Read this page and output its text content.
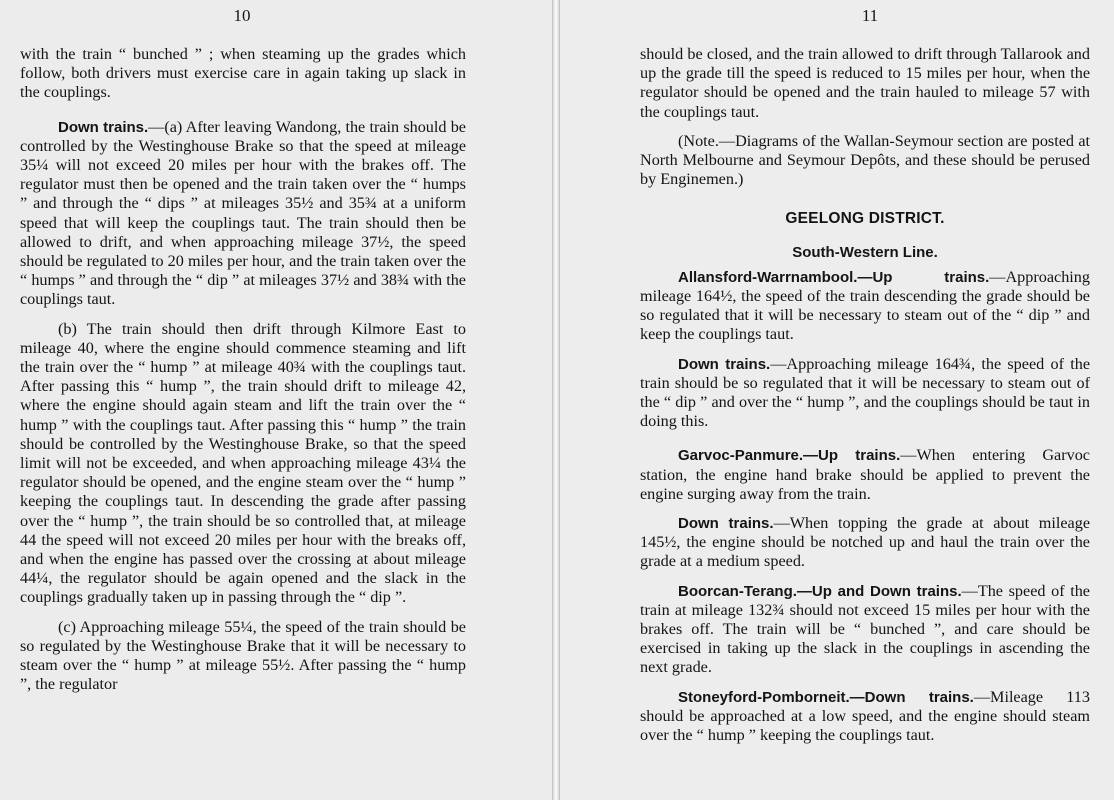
10

with the train “ bunched ” ; when steaming up the grades which follow, both drivers must exercise care in again taking up slack in the couplings.

Down trains.—(a) After leaving Wandong, the train should be controlled by the Westinghouse Brake so that the speed at mileage 35¼ will not exceed 20 miles per hour with the brakes off. The regulator must then be opened and the train taken over the “ humps ” and through the “ dips ” at mileages 35½ and 35¾ at a uniform speed that will keep the couplings taut. The train should then be allowed to drift, and when approaching mileage 37½, the speed should be regulated to 20 miles per hour, and the train taken over the “ humps ” and through the “ dip ” at mileages 37½ and 38¾ with the couplings taut.

(b) The train should then drift through Kilmore East to mileage 40, where the engine should commence steaming and lift the train over the “ hump ” at mileage 40¾ with the couplings taut. After passing this “ hump ”, the train should drift to mileage 42, where the engine should again steam and lift the train over the “ hump ” with the couplings taut. After passing this “ hump ” the train should be controlled by the Westinghouse Brake, so that the speed limit will not be exceeded, and when approaching mileage 43¼ the regulator should be opened, and the engine steam over the “ hump ” keeping the couplings taut. In descending the grade after passing over the “ hump ”, the train should be so controlled that, at mileage 44 the speed will not exceed 20 miles per hour with the breaks off, and when the engine has passed over the crossing at about mileage 44¼, the regulator should be again opened and the slack in the couplings gradually taken up in passing through the “ dip ”.

(c) Approaching mileage 55¼, the speed of the train should be so regulated by the Westinghouse Brake that it will be necessary to steam over the “ hump ” at mileage 55½. After passing the “ hump ”, the regulator

11

should be closed, and the train allowed to drift through Tallarook and up the grade till the speed is reduced to 15 miles per hour, when the regulator should be opened and the train hauled to mileage 57 with the couplings taut.

(Note.—Diagrams of the Wallan-Seymour section are posted at North Melbourne and Seymour Depôts, and these should be perused by Enginemen.)

GEELONG DISTRICT.

South-Western Line.

Allansford-Warrnambool.—Up trains.—Approaching mileage 164½, the speed of the train descending the grade should be so regulated that it will be necessary to steam out of the “ dip ” and keep the couplings taut.

Down trains.—Approaching mileage 164¾, the speed of the train should be so regulated that it will be necessary to steam out of the “ dip ” and over the “ hump ”, and the couplings should be taut in doing this.

Garvoc-Panmure.—Up trains.—When entering Garvoc station, the engine hand brake should be applied to prevent the engine surging away from the train.

Down trains.—When topping the grade at about mileage 145½, the engine should be notched up and haul the train over the grade at a medium speed.

Boorcan-Terang.—Up and Down trains.—The speed of the train at mileage 132¾ should not exceed 15 miles per hour with the brakes off. The train will be “ bunched ”, and care should be exercised in taking up the slack in the couplings in ascending the next grade.

Stoneyford-Pomborneit.—Down trains.—Mileage 113 should be approached at a low speed, and the engine should steam over the “ hump ” keeping the couplings taut.
